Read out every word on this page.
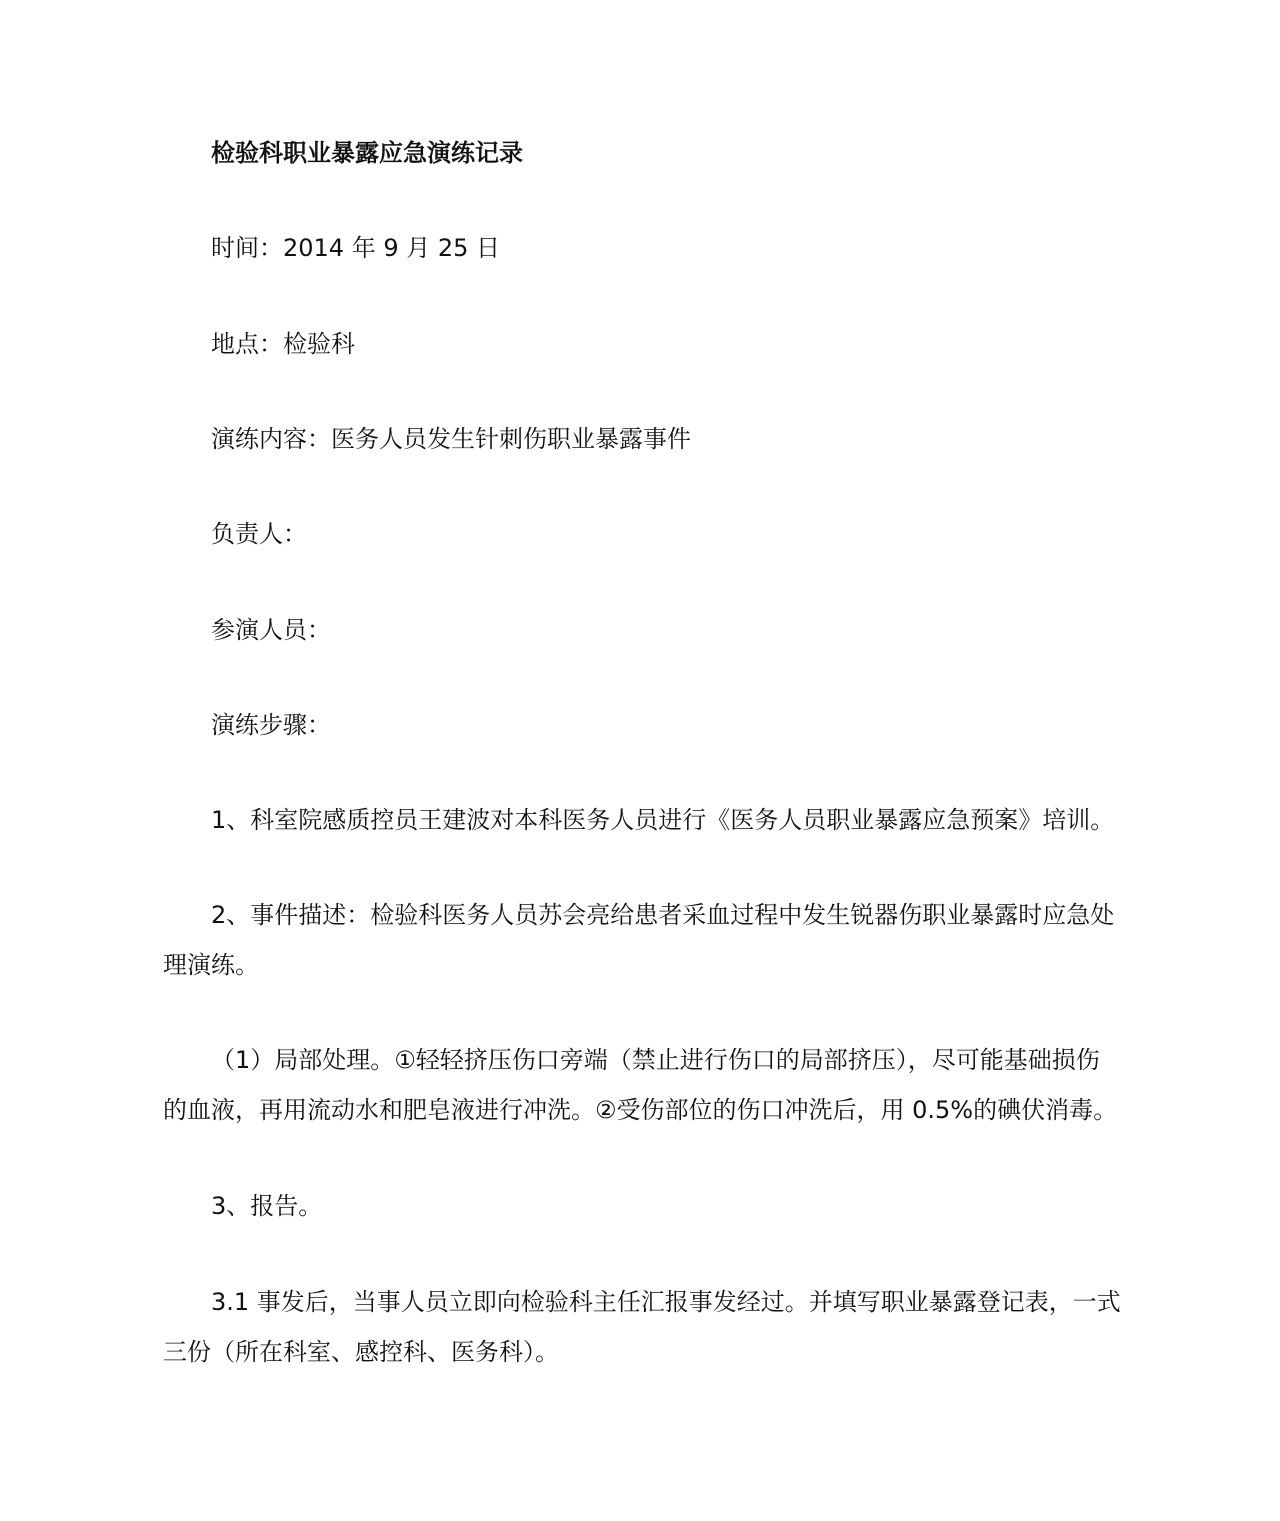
检验科职业暴露应急演练记录
时间：2014 年 9 月 25 日
地点：检验科
演练内容：医务人员发生针刺伤职业暴露事件
负责人：
参演人员：
演练步骤：
1、科室院感质控员王建波对本科医务人员进行《医务人员职业暴露应急预案》培训。
2、事件描述：检验科医务人员苏会亮给患者采血过程中发生锐器伤职业暴露时应急处
理演练。
（1）局部处理。①轻轻挤压伤口旁端（禁止进行伤口的局部挤压），尽可能基础损伤
的血液，再用流动水和肥皂液进行冲洗。②受伤部位的伤口冲洗后，用 0.5%的碘伏消毒。
3、报告。
3.1 事发后，当事人员立即向检验科主任汇报事发经过。并填写职业暴露登记表，一式
三份（所在科室、感控科、医务科）。
